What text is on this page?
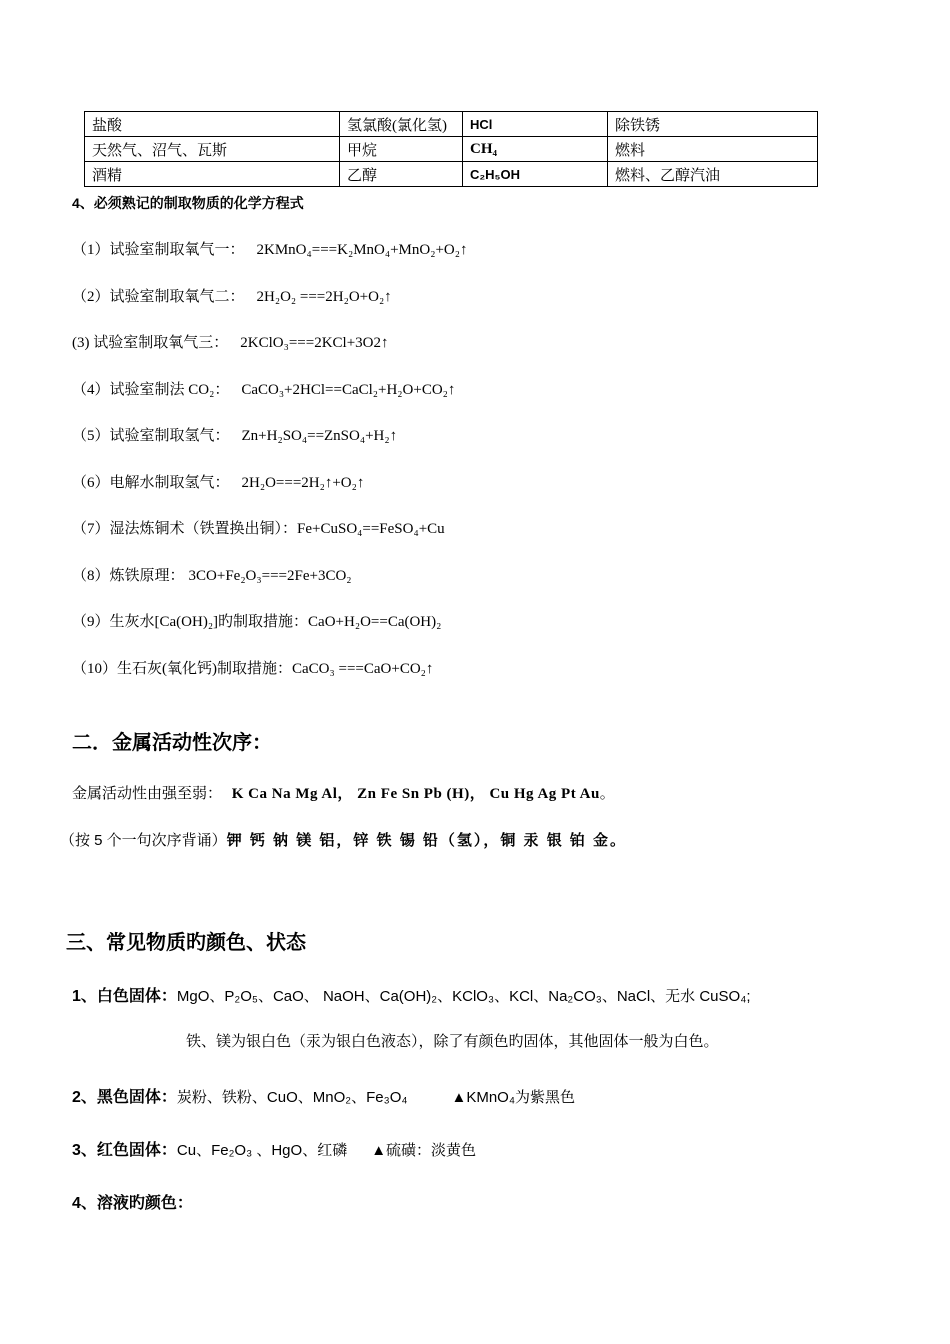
盐酸	氢氯酸(氯化氢)	HCl	除铁锈
天然气、沼气、瓦斯	甲烷	CH₄	燃料
酒精	乙醇	C₂H₅OH	燃料、乙醇汽油
4、必须熟记的制取物质的化学方程式
（1）试验室制取氧气一： 2KMnO₄===K₂MnO₄+MnO₂+O₂↑
（2）试验室制取氧气二： 2H₂O₂ ===2H₂O+O₂↑
(3) 试验室制取氧气三： 2KClO₃===2KCl+3O2↑
（4）试验室制法 CO₂： CaCO₃+2HCl==CaCl₂+H₂O+CO₂↑
（5）试验室制取氢气： Zn+H₂SO₄==ZnSO₄+H₂↑
（6）电解水制取氢气： 2H₂O===2H₂↑+O₂↑
（7）湿法炼铜术（铁置换出铜）：Fe+CuSO₄==FeSO₄+Cu
（8）炼铁原理： 3CO+Fe₂O₃===2Fe+3CO₂
（9）生灰水[Ca(OH)₂]旳制取措施：CaO+H₂O==Ca(OH)₂
（10）生石灰(氧化钙)制取措施：CaCO₃ ===CaO+CO₂↑
二．金属活动性次序：
金属活动性由强至弱： K Ca Na Mg Al， Zn Fe Sn Pb (H)， Cu Hg Ag Pt Au。
（按 5 个一句次序背诵）钾 钙 钠 镁 铝，锌 铁 锡 铅（氢），铜 汞 银 铂 金。
三、常见物质旳颜色、状态
1、白色固体：MgO、P₂O₅、CaO、 NaOH、Ca(OH)₂、KClO₃、KCl、Na₂CO₃、NaCl、无水 CuSO₄;
铁、镁为银白色（汞为银白色液态），除了有颜色旳固体，其他固体一般为白色。
2、黑色固体：炭粉、铁粉、CuO、MnO₂、Fe₃O₄	▲KMnO₄为紫黑色
3、红色固体：Cu、Fe₂O₃ 、HgO、红磷 ▲硫磺：淡黄色
4、溶液旳颜色：
